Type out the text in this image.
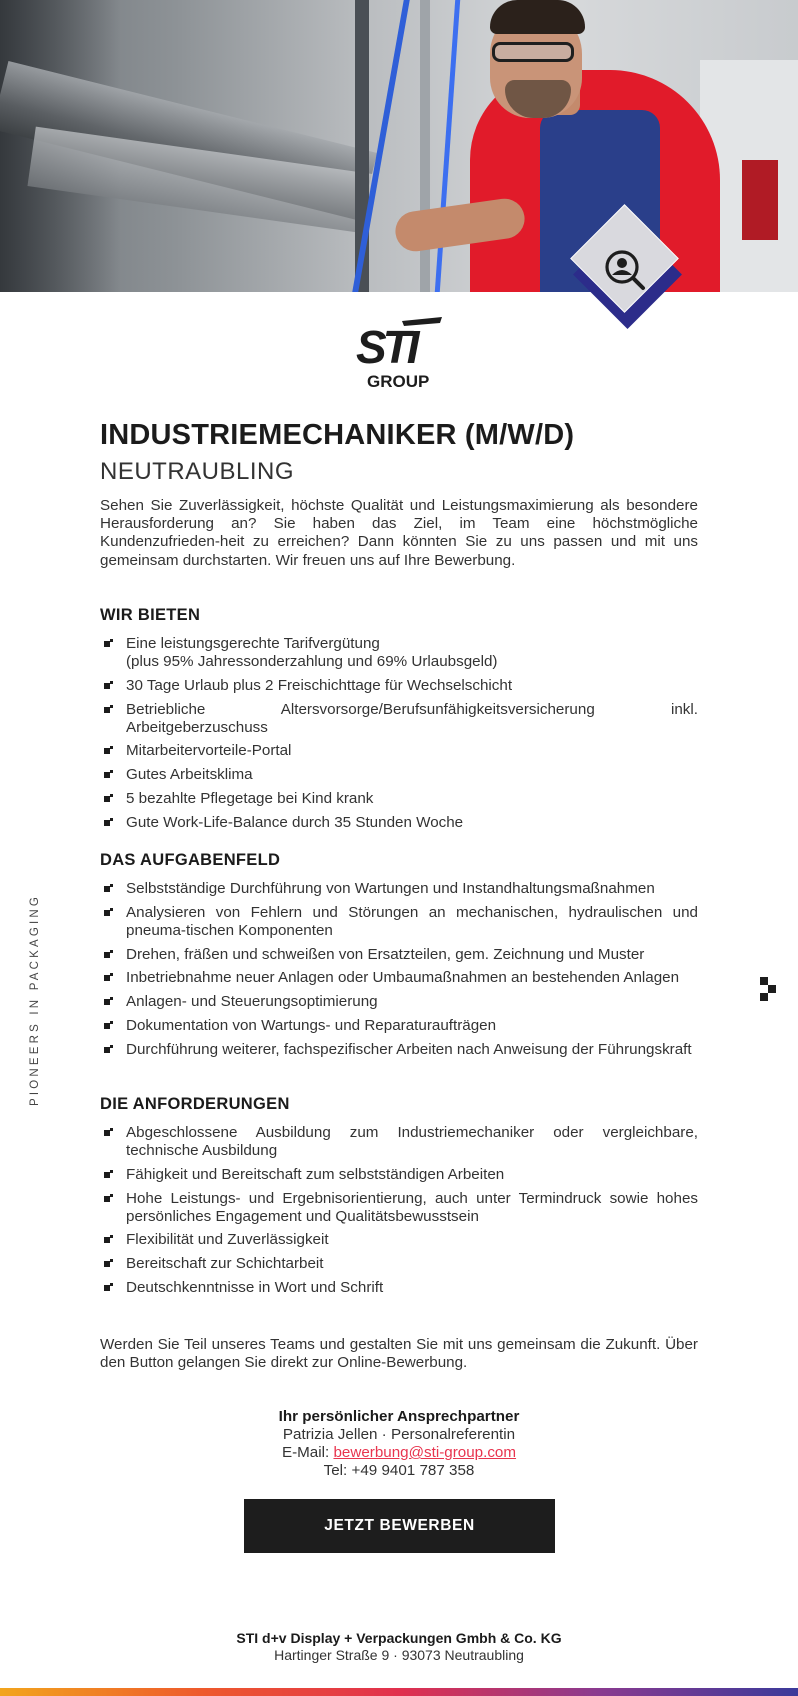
STI
GROUP
INDUSTRIEMECHANIKER (M/W/D)
NEUTRAUBLING

Sehen Sie Zuverlässigkeit, höchste Qualität und Leistungsmaximierung als besondere Herausforderung an? Sie haben das Ziel, im Team eine höchstmögliche Kundenzufrieden-heit zu erreichen? Dann könnten Sie zu uns passen und mit uns gemeinsam durchstarten. Wir freuen uns auf Ihre Bewerbung.

WIR BIETEN
Eine leistungsgerechte Tarifvergütung
(plus 95% Jahressonderzahlung und 69% Urlaubsgeld)
30 Tage Urlaub plus 2 Freischichttage für Wechselschicht
Betriebliche Altersvorsorge/Berufsunfähigkeitsversicherung inkl. Arbeitgeberzuschuss
Mitarbeitervorteile-Portal
Gutes Arbeitsklima
5 bezahlte Pflegetage bei Kind krank
Gute Work-Life-Balance durch 35 Stunden Woche
DAS AUFGABENFELD
Selbstständige Durchführung von Wartungen und Instandhaltungsmaßnahmen
Analysieren von Fehlern und Störungen an mechanischen, hydraulischen und pneuma-tischen Komponenten
Drehen, fräßen und schweißen von Ersatzteilen, gem. Zeichnung und Muster
Inbetriebnahme neuer Anlagen oder Umbaumaßnahmen an bestehenden Anlagen
Anlagen- und Steuerungsoptimierung
Dokumentation von Wartungs- und Reparaturaufträgen
Durchführung weiterer, fachspezifischer Arbeiten nach Anweisung der Führungskraft
DIE ANFORDERUNGEN
Abgeschlossene Ausbildung zum Industriemechaniker oder vergleichbare, technische Ausbildung
Fähigkeit und Bereitschaft zum selbstständigen Arbeiten
Hohe Leistungs- und Ergebnisorientierung, auch unter Termindruck sowie hohes persönliches Engagement und Qualitätsbewusstsein
Flexibilität und Zuverlässigkeit
Bereitschaft zur Schichtarbeit
Deutschkenntnisse in Wort und Schrift

Werden Sie Teil unseres Teams und gestalten Sie mit uns gemeinsam die Zukunft. Über den Button gelangen Sie direkt zur Online-Bewerbung.

Ihr persönlicher Ansprechpartner
Patrizia Jellen · Personalreferentin
E-Mail: bewerbung@sti-group.com
Tel: +49 9401 787 358
JETZT BEWERBEN
STI d+v Display + Verpackungen Gmbh & Co. KG
Hartinger Straße 9 · 93073 Neutraubling
PIONEERS IN PACKAGING
